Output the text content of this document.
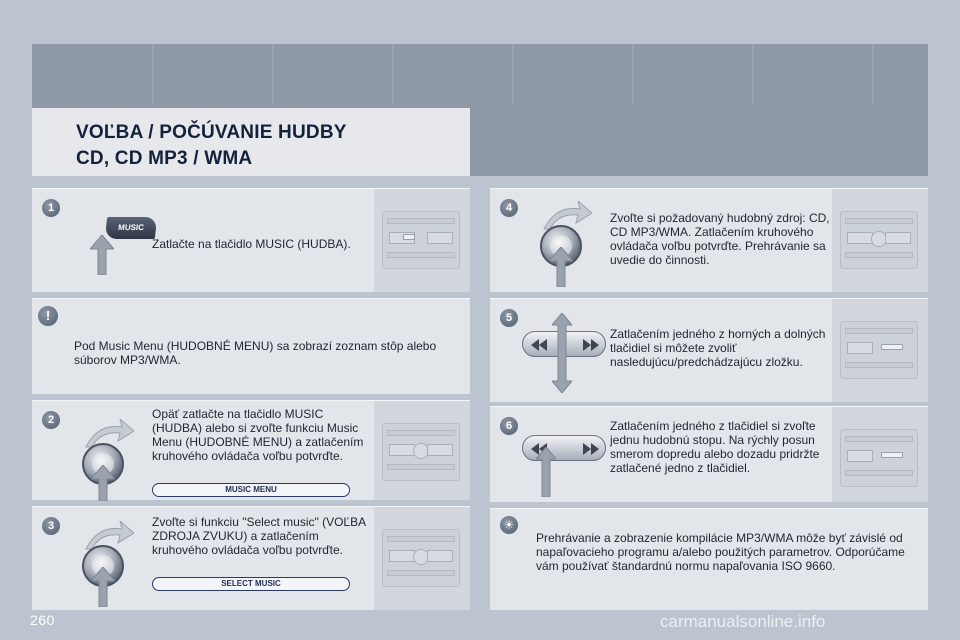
VOĽBA / POČÚVANIE HUDBY
CD, CD MP3 / WMA
1
MUSIC
Zatlačte na tlačidlo MUSIC (HUDBA).
Pod Music Menu (HUDOBNÉ MENU) sa zobrazí zoznam stôp alebo súborov MP3/WMA.
!
2	Opäť zatlačte na tlačidlo MUSIC (HUDBA) alebo si zvoľte funkciu Music Menu (HUDOBNÉ MENU) a zatlačením kruhového ovládača voľbu potvrďte.
MUSIC MENU
3	Zvoľte si funkciu "Select music" (VOĽBA ZDROJA ZVUKU) a zatlačením kruhového ovládača voľbu potvrďte.
SELECT MUSIC
4
Zvoľte si požadovaný hudobný zdroj: CD, CD MP3/WMA. Zatlačením kruhového ovládača voľbu potvrďte. Prehrávanie sa uvedie do činnosti.
5
Zatlačením jedného z horných a dolných tlačidiel si môžete zvoliť nasledujúcu/predchádzajúcu zložku.
6	Zatlačením jedného z tlačidiel si zvoľte jednu hudobnú stopu. Na rýchly posun smerom dopredu alebo dozadu pridržte zatlačené jedno z tlačidiel.
Prehrávanie a zobrazenie kompilácie MP3/WMA môže byť závislé od napaľovacieho programu a/alebo použitých parametrov. Odporúčame vám používať štandardnú normu napaľovania ISO 9660.
☀
260	carmanualsonline.info
